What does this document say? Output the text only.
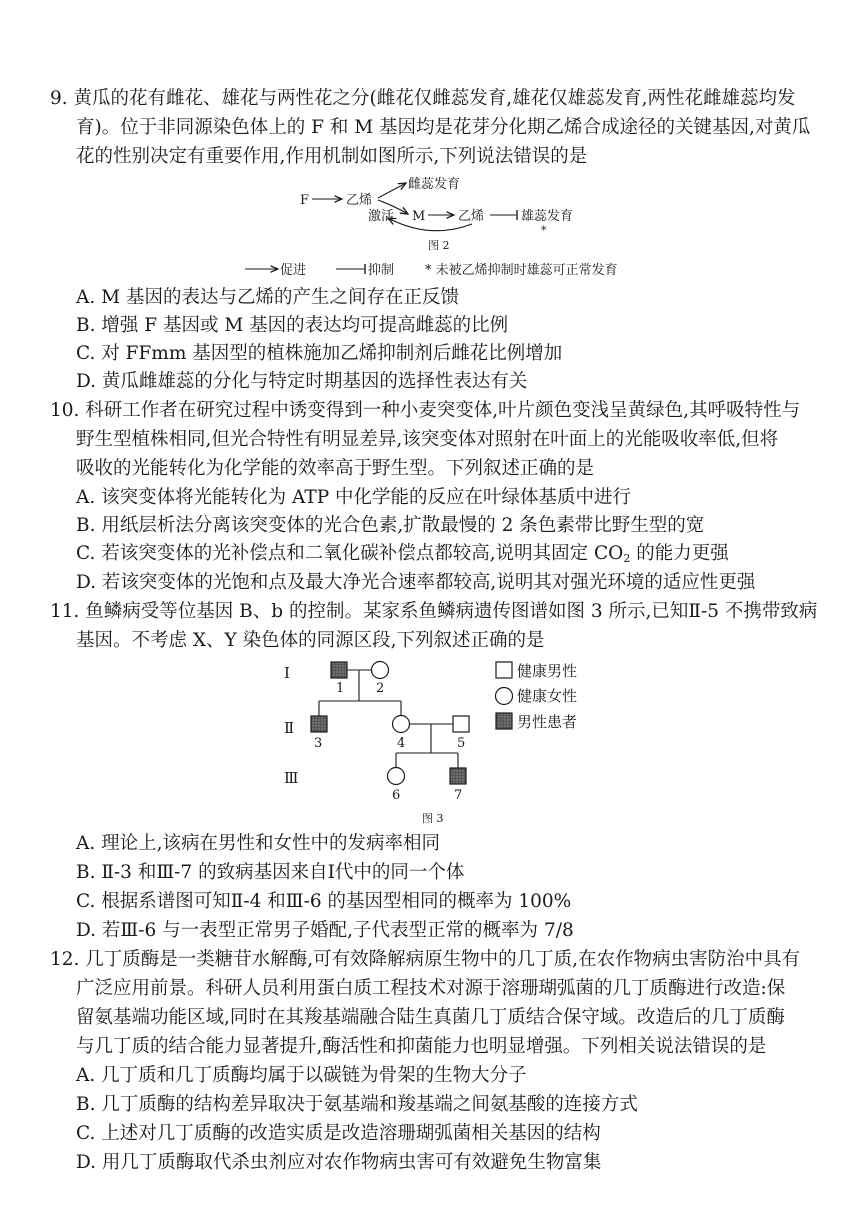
9. 黄瓜的花有雌花、雄花与两性花之分(雌花仅雌蕊发育,雄花仅雄蕊发育,两性花雌雄蕊均发
育)。位于非同源染色体上的 F 和 M 基因均是花芽分化期乙烯合成途径的关键基因,对黄瓜
花的性别决定有重要作用,作用机制如图所示,下列说法错误的是
F	乙烯
雌蕊发育
激活 M	乙烯	雄蕊发育
*
图 2
促进	抑制 * 未被乙烯抑制时雄蕊可正常发育
A. M 基因的表达与乙烯的产生之间存在正反馈
B. 增强 F 基因或 M 基因的表达均可提高雌蕊的比例
C. 对 FFmm 基因型的植株施加乙烯抑制剂后雌花比例增加
D. 黄瓜雌雄蕊的分化与特定时期基因的选择性表达有关
10. 科研工作者在研究过程中诱变得到一种小麦突变体,叶片颜色变浅呈黄绿色,其呼吸特性与
野生型植株相同,但光合特性有明显差异,该突变体对照射在叶面上的光能吸收率低,但将
吸收的光能转化为化学能的效率高于野生型。下列叙述正确的是
A. 该突变体将光能转化为 ATP 中化学能的反应在叶绿体基质中进行
B. 用纸层析法分离该突变体的光合色素,扩散最慢的 2 条色素带比野生型的宽
C. 若该突变体的光补偿点和二氧化碳补偿点都较高,说明其固定 $CO_2$ 的能力更强
D. 若该突变体的光饱和点及最大净光合速率都较高,说明其对强光环境的适应性更强
11. 鱼鳞病受等位基因 B、b 的控制。某家系鱼鳞病遗传图谱如图 3 所示,已知Ⅱ-5 不携带致病
基因。不考虑 X、Y 染色体的同源区段,下列叙述正确的是
Ⅰ
Ⅱ
Ⅲ
1 2
3	4	5
6	7
图 3
健康男性
健康女性
男性患者
A. 理论上,该病在男性和女性中的发病率相同
B. Ⅱ-3 和Ⅲ-7 的致病基因来自Ⅰ代中的同一个体
C. 根据系谱图可知Ⅱ-4 和Ⅲ-6 的基因型相同的概率为 100%
D. 若Ⅲ-6 与一表型正常男子婚配,子代表型正常的概率为 7/8
12. 几丁质酶是一类糖苷水解酶,可有效降解病原生物中的几丁质,在农作物病虫害防治中具有
广泛应用前景。科研人员利用蛋白质工程技术对源于溶珊瑚弧菌的几丁质酶进行改造:保
留氨基端功能区域,同时在其羧基端融合陆生真菌几丁质结合保守域。改造后的几丁质酶
与几丁质的结合能力显著提升,酶活性和抑菌能力也明显增强。下列相关说法错误的是
A. 几丁质和几丁质酶均属于以碳链为骨架的生物大分子
B. 几丁质酶的结构差异取决于氨基端和羧基端之间氨基酸的连接方式
C. 上述对几丁质酶的改造实质是改造溶珊瑚弧菌相关基因的结构
D. 用几丁质酶取代杀虫剂应对农作物病虫害可有效避免生物富集
